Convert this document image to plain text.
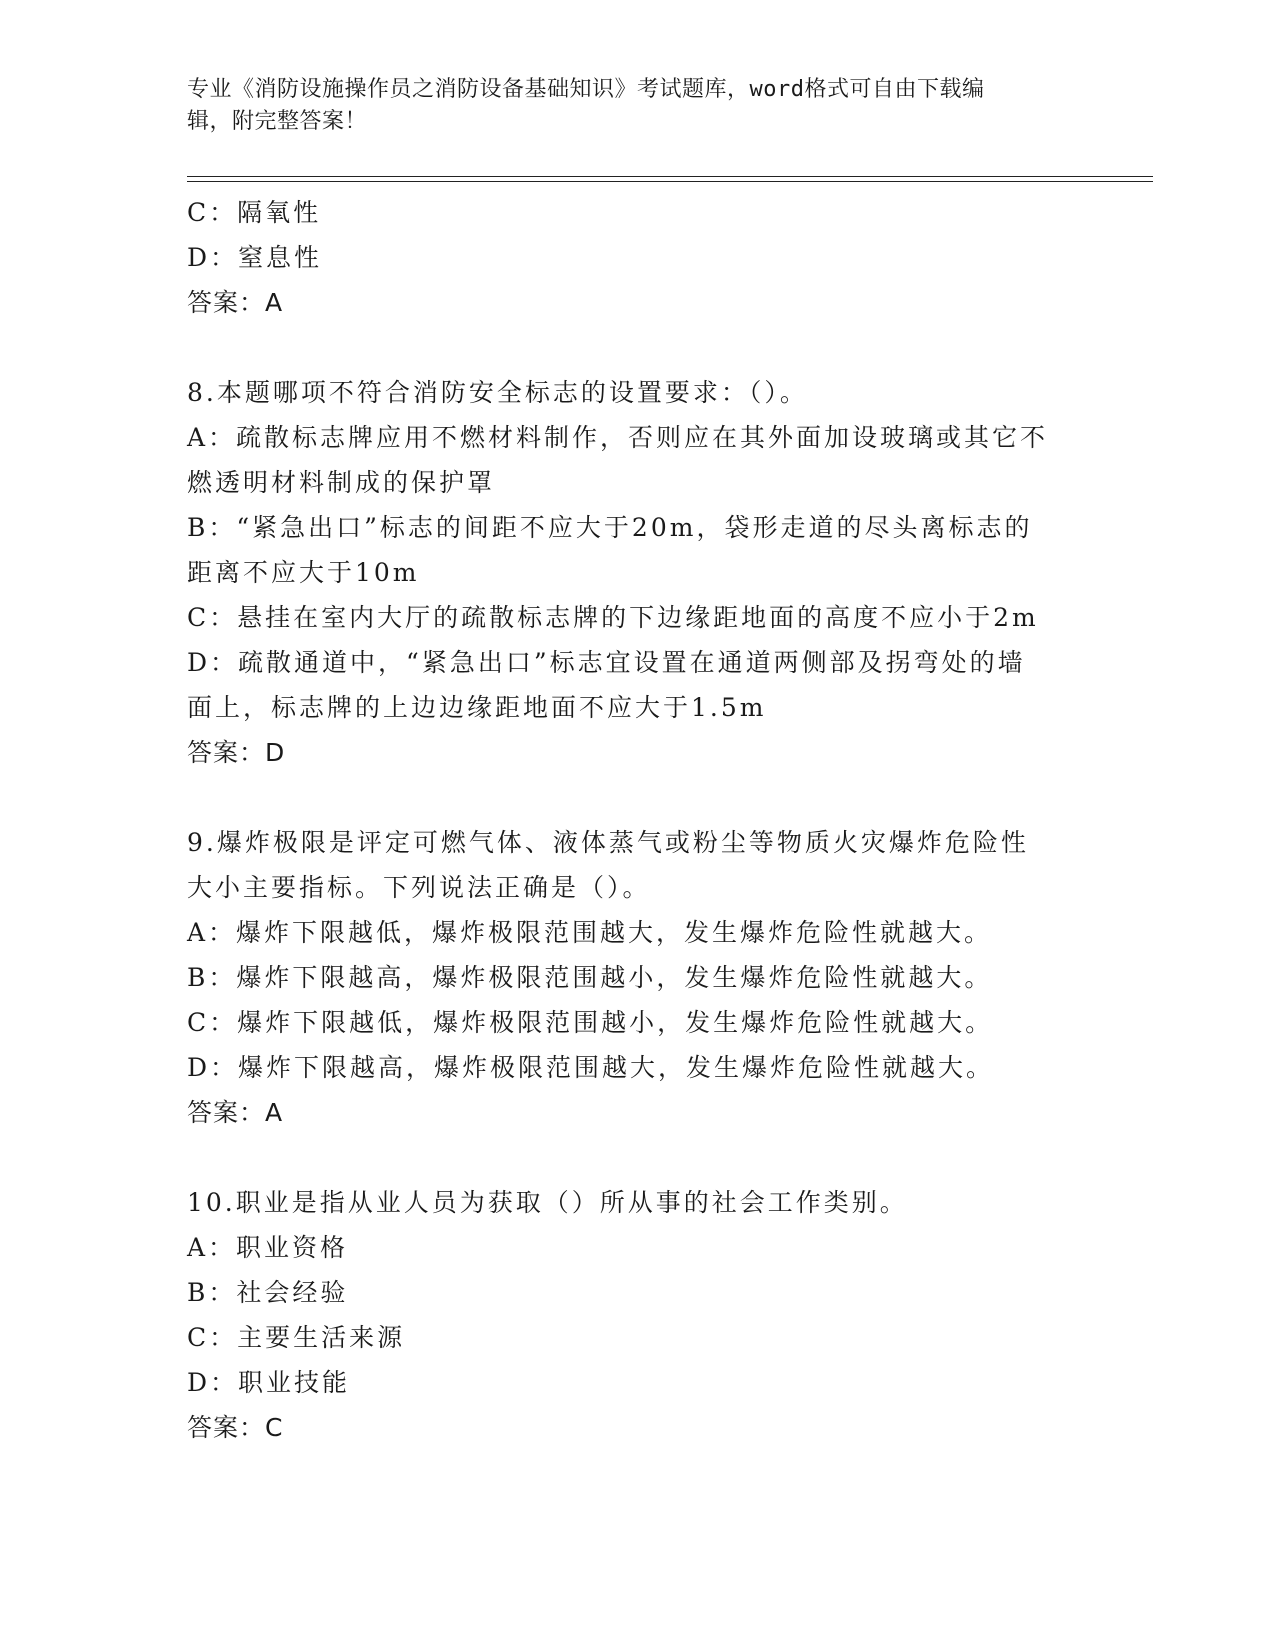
专业《消防设施操作员之消防设备基础知识》考试题库，word格式可自由下载编
辑，附完整答案！
C：隔氧性
D：窒息性
答案：A
8.本题哪项不符合消防安全标志的设置要求：（）。
A：疏散标志牌应用不燃材料制作，否则应在其外面加设玻璃或其它不
燃透明材料制成的保护罩
B：“紧急出口”标志的间距不应大于20m，袋形走道的尽头离标志的
距离不应大于10m
C：悬挂在室内大厅的疏散标志牌的下边缘距地面的高度不应小于2m
D：疏散通道中，“紧急出口”标志宜设置在通道两侧部及拐弯处的墙
面上，标志牌的上边边缘距地面不应大于1.5m
答案：D
9.爆炸极限是评定可燃气体、液体蒸气或粉尘等物质火灾爆炸危险性
大小主要指标。下列说法正确是（）。
A：爆炸下限越低，爆炸极限范围越大，发生爆炸危险性就越大。
B：爆炸下限越高，爆炸极限范围越小，发生爆炸危险性就越大。
C：爆炸下限越低，爆炸极限范围越小，发生爆炸危险性就越大。
D：爆炸下限越高，爆炸极限范围越大，发生爆炸危险性就越大。
答案：A
10.职业是指从业人员为获取（）所从事的社会工作类别。
A：职业资格
B：社会经验
C：主要生活来源
D：职业技能
答案：C
